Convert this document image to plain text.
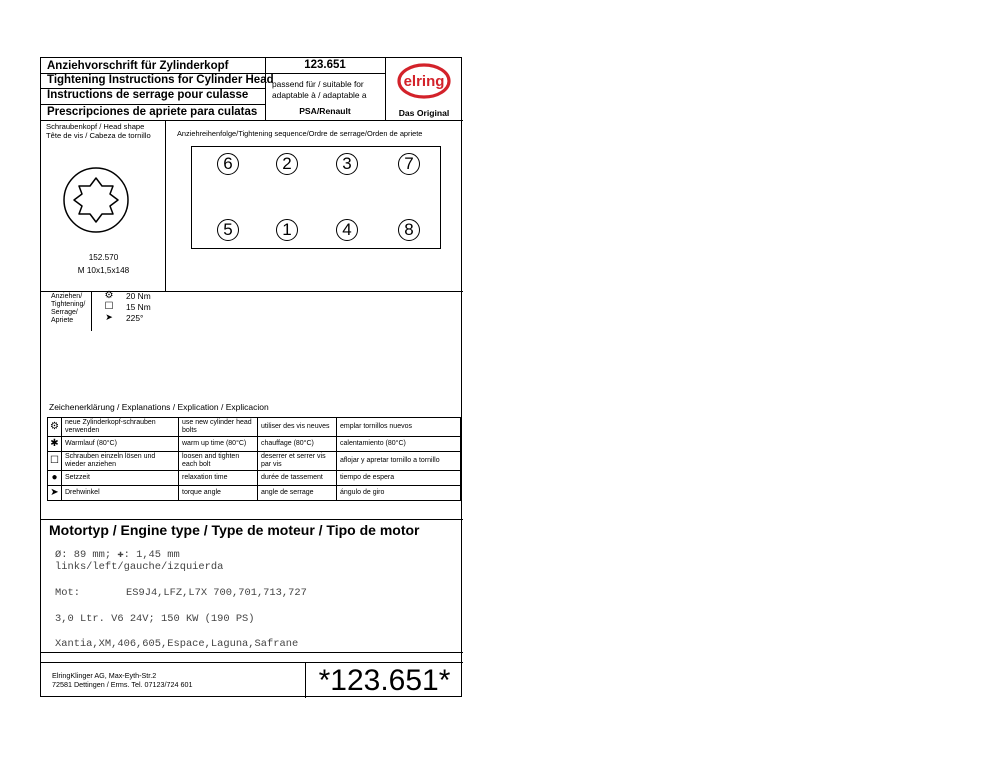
Anziehvorschrift für Zylinderkopf
Tightening Instructions for Cylinder Head
Instructions de serrage pour culasse
Prescripciones de apriete para culatas
123.651
passend für / suitable for
adaptable à / adaptable a
PSA/Renault
elring
Das Original
Schraubenkopf / Head shape
Tête de vis / Cabeza de tornillo
152.570
M 10x1,5x148
Anziehreihenfolge/Tightening sequence/Ordre de serrage/Orden de apriete
6	2	3	7
5	1	4	8
Anziehen/
Tightening/
Serrage/
Apriete
⚙ 20 Nm
☐ 15 Nm
➤ 225°
Zeichenerklärung / Explanations / Explication / Explicacion
⚙	neue Zylinderkopf-schrauben verwenden	use new cylinder head bolts	utiliser des vis neuves	emplar tornillos nuevos
✱	Warmlauf (80°C)	warm up time (80°C)	chauffage (80°C)	calentamiento (80°C)
☐	Schrauben einzeln lösen und wieder anziehen	loosen and tighten each bolt	deserrer et serrer vis par vis	aflojar y apretar tornillo a tornillo
●	Setzzeit	relaxation time	durée de tassement	tiempo de espera
➤	Drehwinkel	torque angle	angle de serrage	ángulo de giro
Motortyp / Engine type / Type de moteur / Tipo de motor
Ø: 89 mm; ✚: 1,45 mm
links/left/gauche/izquierda
Mot:	ES9J4,LFZ,L7X 700,701,713,727
3,0 Ltr. V6 24V; 150 KW (190 PS)
Xantia,XM,406,605,Espace,Laguna,Safrane
ElringKlinger AG, Max-Eyth-Str.2
72581 Dettingen / Erms. Tel. 07123/724 601	*123.651*
